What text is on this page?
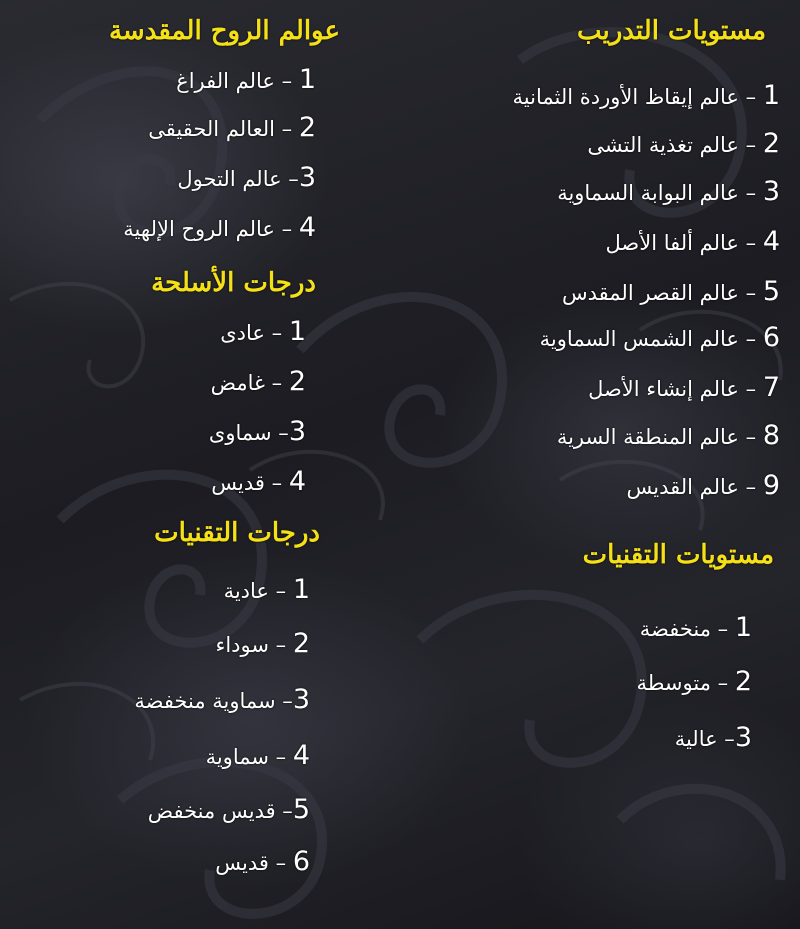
مستويات التدريب
1 – عالم إيقاظ الأوردة الثمانية
2 – عالم تغذية التشى
3 – عالم البوابة السماوية
4 – عالم ألفا الأصل
5 – عالم القصر المقدس
6 – عالم الشمس السماوية
7 – عالم إنشاء الأصل
8 – عالم المنطقة السرية
9 – عالم القديس
مستويات التقنيات
1 – منخفضة
2 – متوسطة
3– عالية
عوالم الروح المقدسة
1 – عالم الفراغ
2 – العالم الحقيقى
3– عالم التحول
4 – عالم الروح الإلهية
درجات الأسلحة
1 – عادى
2 – غامض
3– سماوى
4 – قديس
درجات التقنيات
1 – عادية
2 – سوداء
3– سماوية منخفضة
4 – سماوية
5– قديس منخفض
6 – قديس
